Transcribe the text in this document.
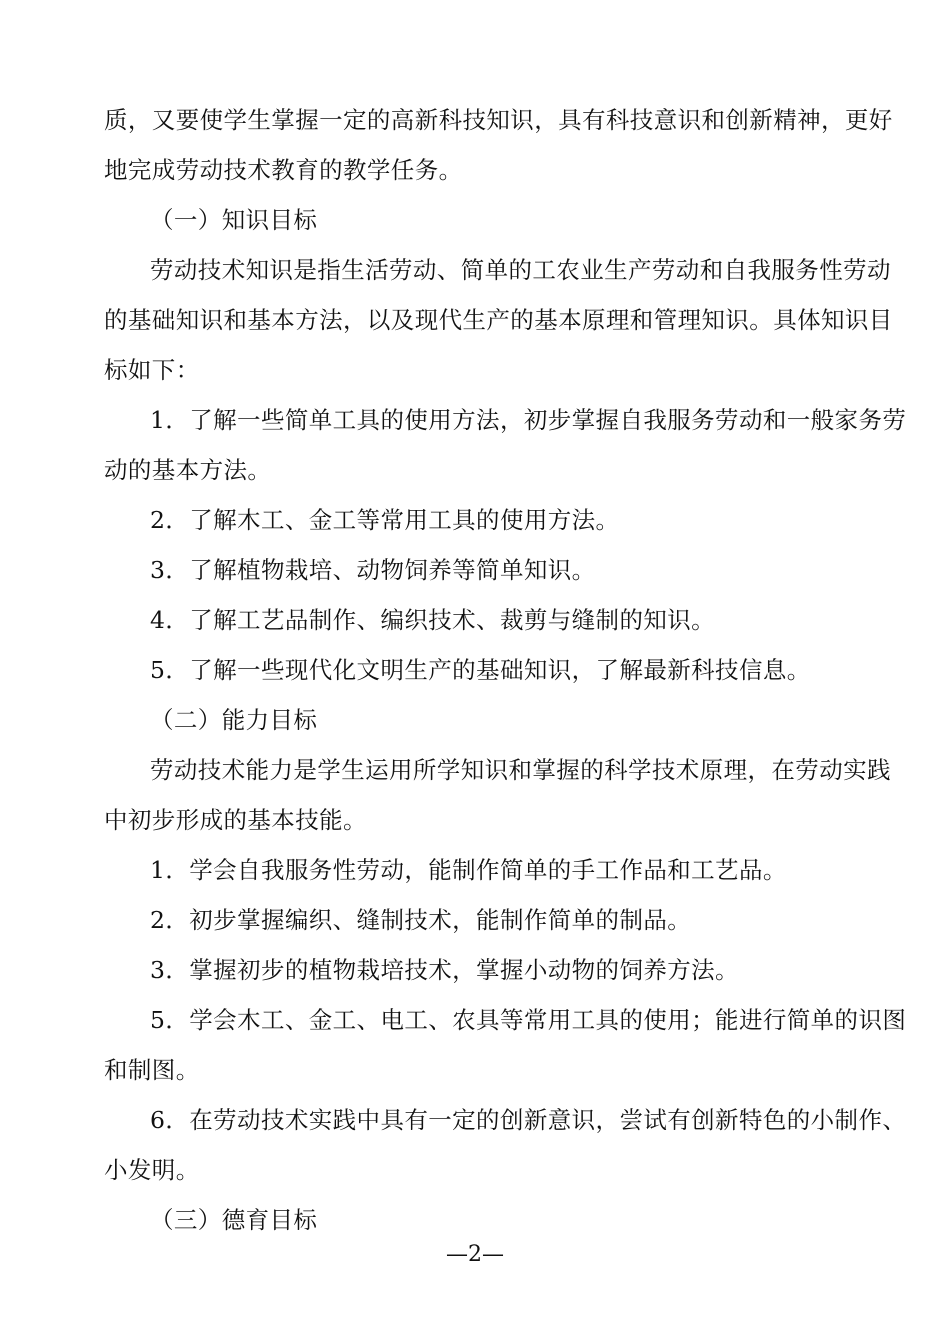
质，又要使学生掌握一定的高新科技知识，具有科技意识和创新精神，更好
地完成劳动技术教育的教学任务。
（一）知识目标
劳动技术知识是指生活劳动、简单的工农业生产劳动和自我服务性劳动
的基础知识和基本方法，以及现代生产的基本原理和管理知识。具体知识目
标如下：
1．了解一些简单工具的使用方法，初步掌握自我服务劳动和一般家务劳
动的基本方法。
2．了解木工、金工等常用工具的使用方法。
3．了解植物栽培、动物饲养等简单知识。
4．了解工艺品制作、编织技术、裁剪与缝制的知识。
5．了解一些现代化文明生产的基础知识，了解最新科技信息。
（二）能力目标
劳动技术能力是学生运用所学知识和掌握的科学技术原理，在劳动实践
中初步形成的基本技能。
1．学会自我服务性劳动，能制作简单的手工作品和工艺品。
2．初步掌握编织、缝制技术，能制作简单的制品。
3．掌握初步的植物栽培技术，掌握小动物的饲养方法。
5．学会木工、金工、电工、农具等常用工具的使用；能进行简单的识图
和制图。
6．在劳动技术实践中具有一定的创新意识，尝试有创新特色的小制作、
小发明。
（三）德育目标
—2—
